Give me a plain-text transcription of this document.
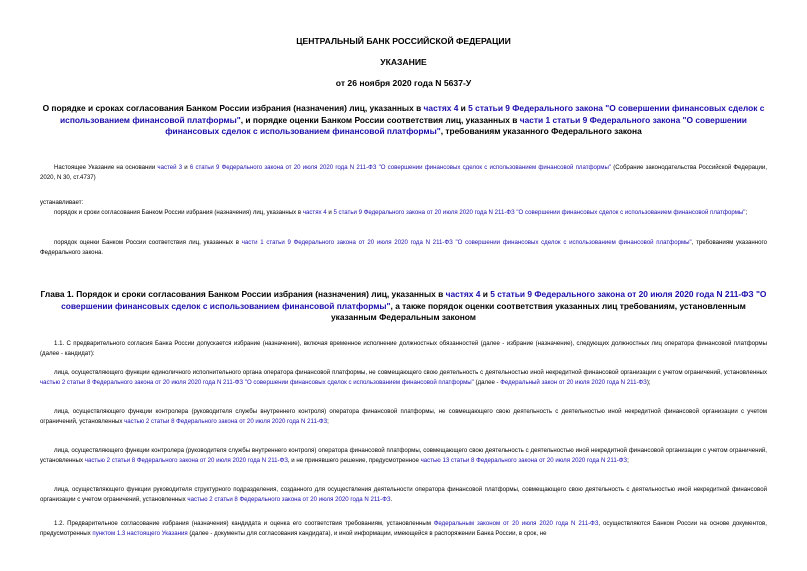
ЦЕНТРАЛЬНЫЙ БАНК РОССИЙСКОЙ ФЕДЕРАЦИИ
УКАЗАНИЕ
от 26 ноября 2020 года N 5637-У
О порядке и сроках согласования Банком России избрания (назначения) лиц, указанных в частях 4 и 5 статьи 9 Федерального закона "О совершении финансовых сделок с использованием финансовой платформы", и порядке оценки Банком России соответствия лиц, указанных в части 1 статьи 9 Федерального закона "О совершении финансовых сделок с использованием финансовой платформы", требованиям указанного Федерального закона
Настоящее Указание на основании частей 3 и 6 статьи 9 Федерального закона от 20 июля 2020 года N 211-ФЗ "О совершении финансовых сделок с использованием финансовой платформы" (Собрание законодательства Российской Федерации, 2020, N 30, ст.4737)
устанавливает:
порядок и сроки согласования Банком России избрания (назначения) лиц, указанных в частях 4 и 5 статьи 9 Федерального закона от 20 июля 2020 года N 211-ФЗ "О совершении финансовых сделок с использованием финансовой платформы";
порядок оценки Банком России соответствия лиц, указанных в части 1 статьи 9 Федерального закона от 20 июля 2020 года N 211-ФЗ "О совершении финансовых сделок с использованием финансовой платформы", требованиям указанного Федерального закона.
Глава 1. Порядок и сроки согласования Банком России избрания (назначения) лиц, указанных в частях 4 и 5 статьи 9 Федерального закона от 20 июля 2020 года N 211-ФЗ "О совершении финансовых сделок с использованием финансовой платформы", а также порядок оценки соответствия указанных лиц требованиям, установленным указанным Федеральным законом
1.1. С предварительного согласия Банка России допускается избрание (назначение), включая временное исполнение должностных обязанностей (далее - избрание (назначение), следующих должностных лиц оператора финансовой платформы (далее - кандидат):
лица, осуществляющего функции единоличного исполнительного органа оператора финансовой платформы, не совмещающего свою деятельность с деятельностью иной некредитной финансовой организации с учетом ограничений, установленных частью 2 статьи 8 Федерального закона от 20 июля 2020 года N 211-ФЗ "О совершении финансовых сделок с использованием финансовой платформы" (далее - Федеральный закон от 20 июля 2020 года N 211-ФЗ);
лица, осуществляющего функции контролера (руководителя службы внутреннего контроля) оператора финансовой платформы, не совмещающего свою деятельность с деятельностью иной некредитной финансовой организации с учетом ограничений, установленных частью 2 статьи 8 Федерального закона от 20 июля 2020 года N 211-ФЗ;
лица, осуществляющего функции контролера (руководителя службы внутреннего контроля) оператора финансовой платформы, совмещающего свою деятельность с деятельностью иной некредитной финансовой организации с учетом ограничений, установленных частью 2 статьи 8 Федерального закона от 20 июля 2020 года N 211-ФЗ, и не принявшего решение, предусмотренное частью 13 статьи 8 Федерального закона от 20 июля 2020 года N 211-ФЗ;
лица, осуществляющего функции руководителя структурного подразделения, созданного для осуществления деятельности оператора финансовой платформы, совмещающего свою деятельность с деятельностью иной некредитной финансовой организации с учетом ограничений, установленных частью 2 статьи 8 Федерального закона от 20 июля 2020 года N 211-ФЗ.
1.2. Предварительное согласование избрания (назначения) кандидата и оценка его соответствия требованиям, установленным Федеральным законом от 20 июля 2020 года N 211-ФЗ, осуществляются Банком России на основе документов, предусмотренных пунктом 1.3 настоящего Указания (далее - документы для согласования кандидата), и иной информации, имеющейся в распоряжении Банка России, в срок, не
